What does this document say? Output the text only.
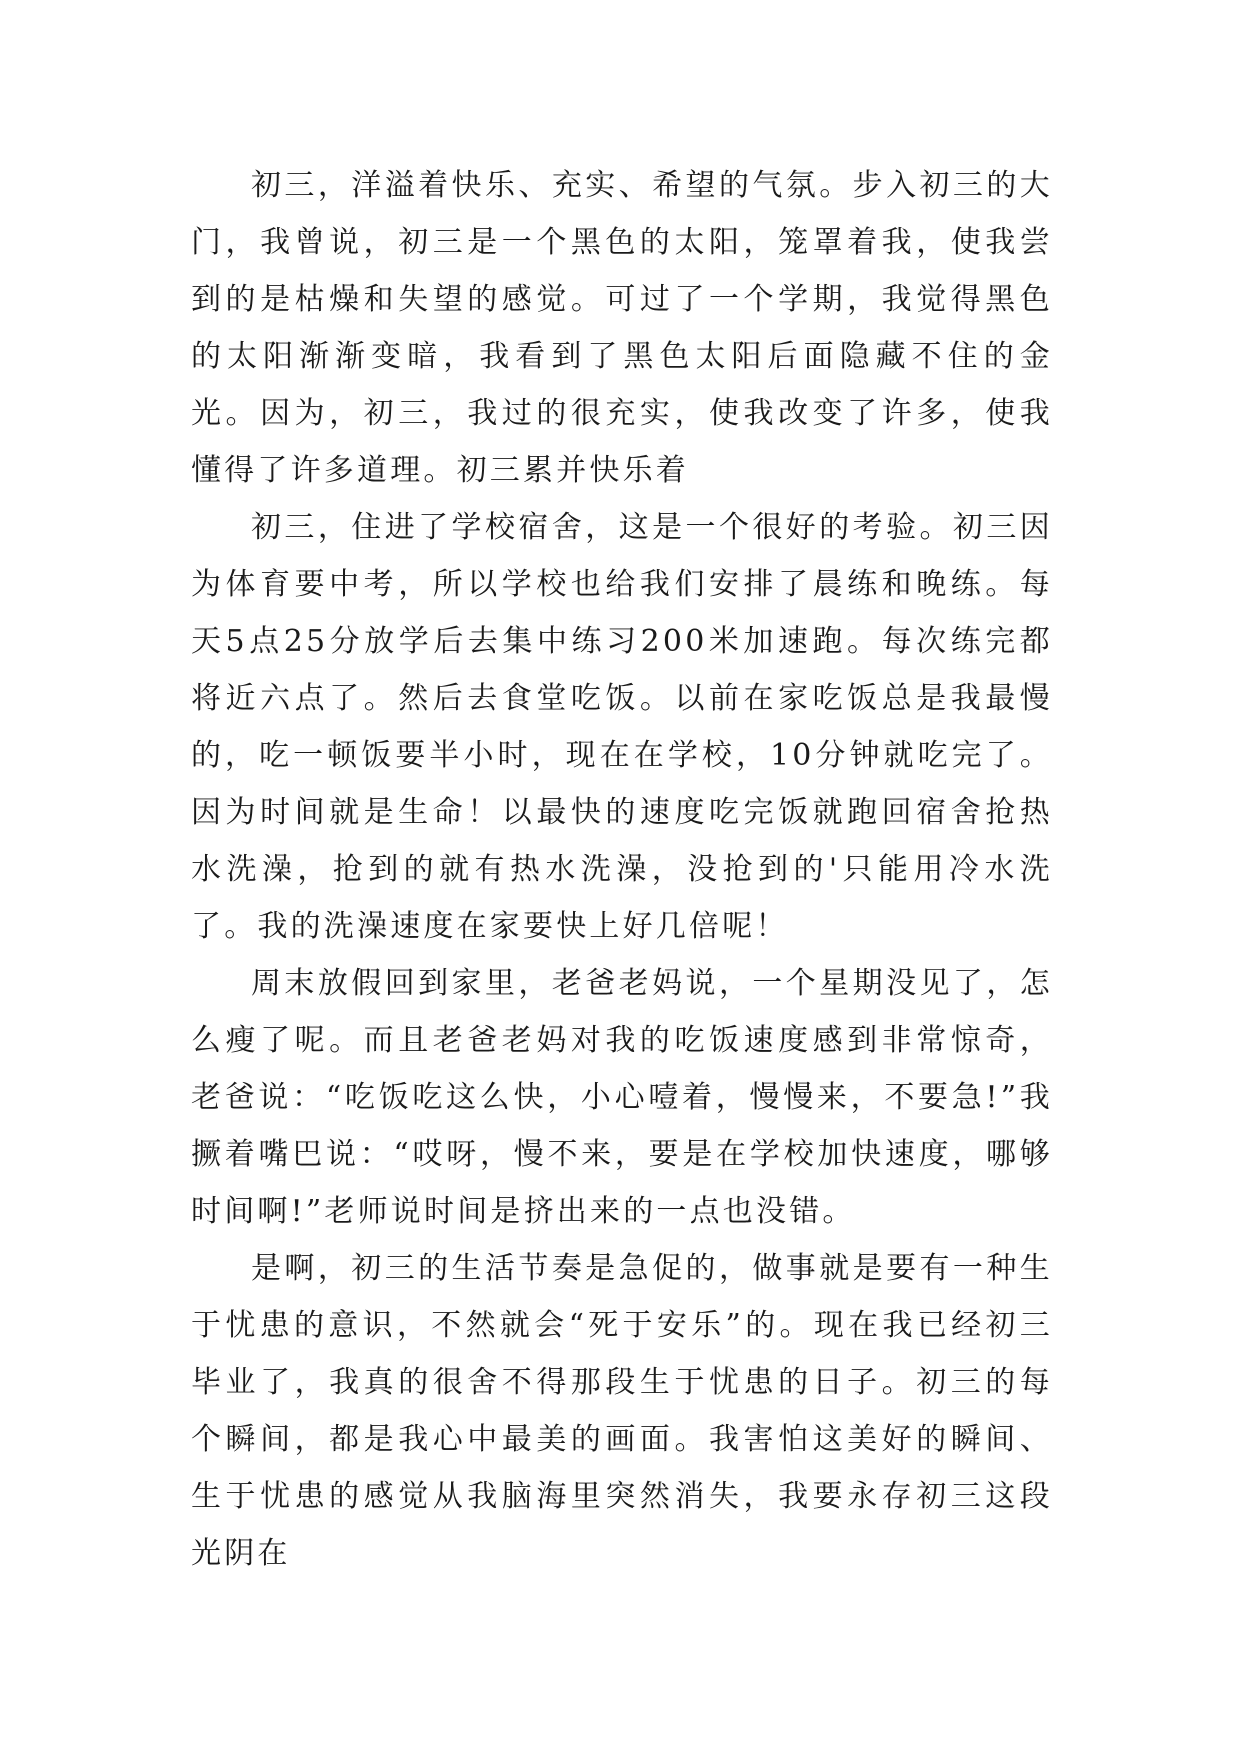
初三，洋溢着快乐、充实、希望的气氛。步入初三的大门，我曾说，初三是一个黑色的太阳，笼罩着我，使我尝到的是枯燥和失望的感觉。可过了一个学期，我觉得黑色的太阳渐渐变暗，我看到了黑色太阳后面隐藏不住的金光。因为，初三，我过的很充实，使我改变了许多，使我懂得了许多道理。初三累并快乐着

初三，住进了学校宿舍，这是一个很好的考验。初三因为体育要中考，所以学校也给我们安排了晨练和晚练。每天5点25分放学后去集中练习200米加速跑。每次练完都将近六点了。然后去食堂吃饭。以前在家吃饭总是我最慢的，吃一顿饭要半小时，现在在学校，10分钟就吃完了。因为时间就是生命！以最快的速度吃完饭就跑回宿舍抢热水洗澡，抢到的就有热水洗澡，没抢到的'只能用冷水洗了。我的洗澡速度在家要快上好几倍呢！

周末放假回到家里，老爸老妈说，一个星期没见了，怎么瘦了呢。而且老爸老妈对我的吃饭速度感到非常惊奇，老爸说：“吃饭吃这么快，小心噎着，慢慢来，不要急!”我撅着嘴巴说：“哎呀，慢不来，要是在学校加快速度，哪够时间啊!”老师说时间是挤出来的一点也没错。

是啊，初三的生活节奏是急促的，做事就是要有一种生于忧患的意识，不然就会“死于安乐”的。现在我已经初三毕业了，我真的很舍不得那段生于忧患的日子。初三的每个瞬间，都是我心中最美的画面。我害怕这美好的瞬间、生于忧患的感觉从我脑海里突然消失，我要永存初三这段光阴在
